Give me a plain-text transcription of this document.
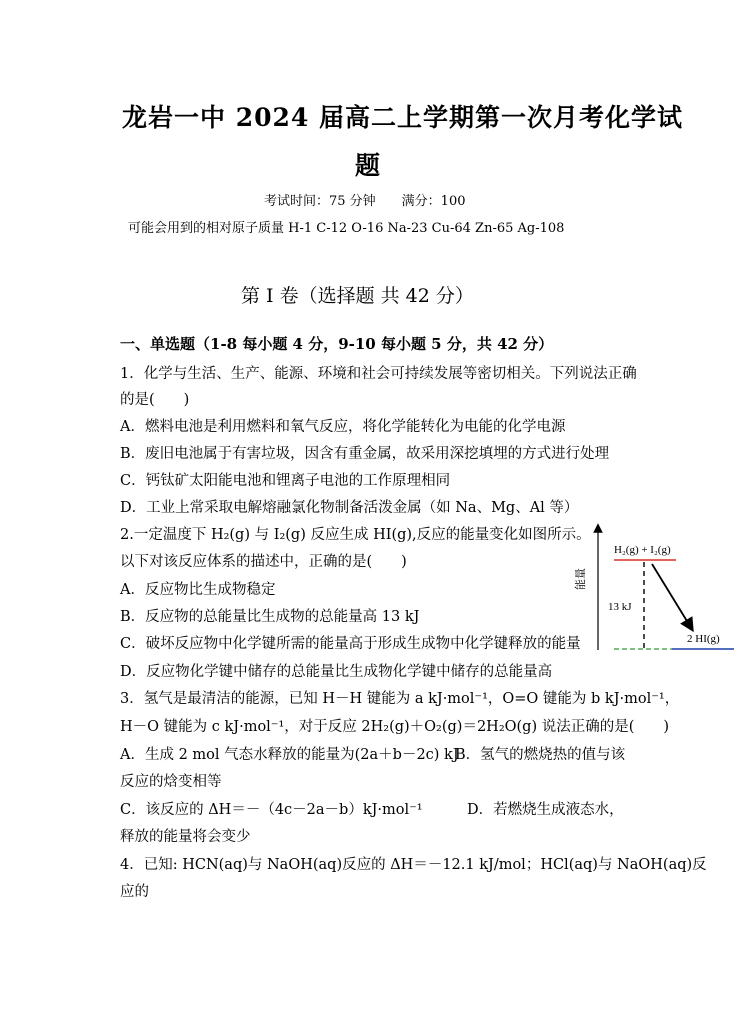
龙岩一中 2024 届高二上学期第一次月考化学试
题
考试时间：75 分钟　　满分：100
可能会用到的相对原子质量 H-1 C-12 O-16 Na-23 Cu-64 Zn-65 Ag-108
第 I 卷（选择题 共 42 分）
一、单选题（1-8 每小题 4 分，9-10 每小题 5 分，共 42 分）
1．化学与生活、生产、能源、环境和社会可持续发展等密切相关。下列说法正确
的是(　　)
A．燃料电池是利用燃料和氧气反应，将化学能转化为电能的化学电源
B．废旧电池属于有害垃圾，因含有重金属，故采用深挖填埋的方式进行处理
C．钙钛矿太阳能电池和锂离子电池的工作原理相同
D．工业上常采取电解熔融氯化物制备活泼金属（如 Na、Mg、Al 等）
2.一定温度下 H₂(g) 与 I₂(g) 反应生成 HI(g),反应的能量变化如图所示。
以下对该反应体系的描述中，正确的是(　　)
A．反应物比生成物稳定
B．反应物的总能量比生成物的总能量高 13 kJ
C．破坏反应物中化学键所需的能量高于形成生成物中化学键释放的能量
D．反应物化学键中储存的总能量比生成物化学键中储存的总能量高
能量
H₂(g) + I₂(g)
13 kJ
2 HI(g)
3．氢气是最清洁的能源，已知 H－H 键能为 a kJ·mol⁻¹，O=O 键能为 b kJ·mol⁻¹，
H－O 键能为 c kJ·mol⁻¹，对于反应 2H₂(g)＋O₂(g)＝2H₂O(g) 说法正确的是(　　)
A．生成 2 mol 气态水释放的能量为(2a＋b－2c) kJ
B．氢气的燃烧热的值与该
反应的焓变相等
C．该反应的 ΔH＝－（4c－2a－b）kJ·mol⁻¹	D．若燃烧生成液态水，
释放的能量将会变少
4．已知: HCN(aq)与 NaOH(aq)反应的 ΔH＝－12.1 kJ/mol；HCl(aq)与 NaOH(aq)反
应的
